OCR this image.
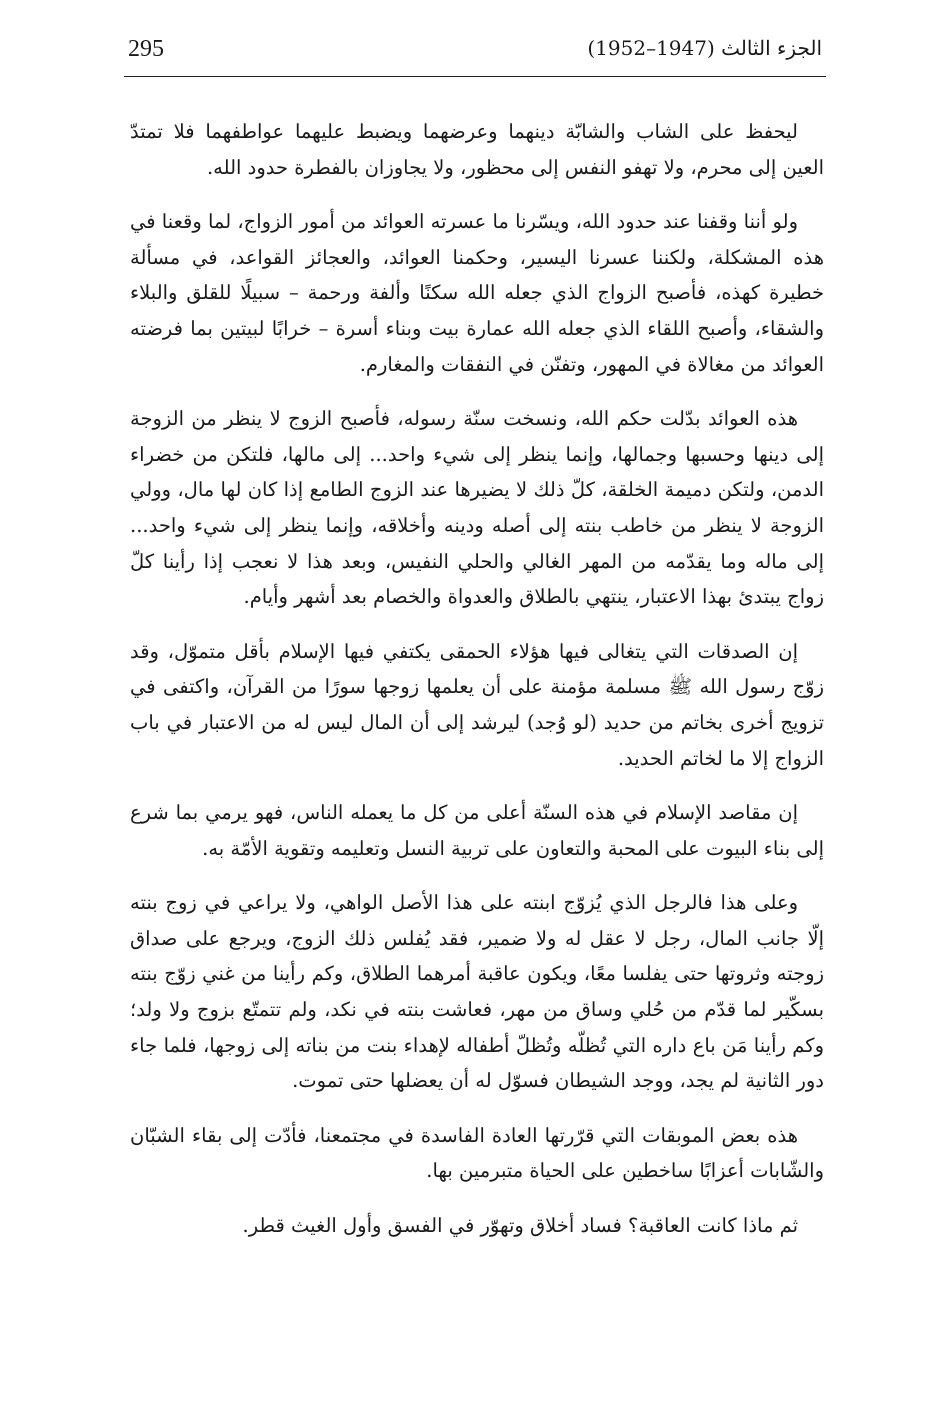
295	الجزء الثالث (1947–1952)

ليحفظ على الشاب والشابّة دينهما وعرضهما ويضبط عليهما عواطفهما فلا تمتدّ العين إلى محرم، ولا تهفو النفس إلى محظور، ولا يجاوزان بالفطرة حدود الله.

ولو أننا وقفنا عند حدود الله، ويسّرنا ما عسرته العوائد من أمور الزواج، لما وقعنا في هذه المشكلة، ولكننا عسرنا اليسير، وحكمنا العوائد، والعجائز القواعد، في مسألة خطيرة كهذه، فأصبح الزواج الذي جعله الله سكنًا وألفة ورحمة – سبيلًا للقلق والبلاء والشقاء، وأصبح اللقاء الذي جعله الله عمارة بيت وبناء أسرة – خرابًا لبيتين بما فرضته العوائد من مغالاة في المهور، وتفنّن في النفقات والمغارم.

هذه العوائد بدّلت حكم الله، ونسخت سنّة رسوله، فأصبح الزوج لا ينظر من الزوجة إلى دينها وحسبها وجمالها، وإنما ينظر إلى شيء واحد... إلى مالها، فلتكن من خضراء الدمن، ولتكن دميمة الخلقة، كلّ ذلك لا يضيرها عند الزوج الطامع إذا كان لها مال، وولي الزوجة لا ينظر من خاطب بنته إلى أصله ودينه وأخلاقه، وإنما ينظر إلى شيء واحد... إلى ماله وما يقدّمه من المهر الغالي والحلي النفيس، وبعد هذا لا نعجب إذا رأينا كلّ زواج يبتدئ بهذا الاعتبار، ينتهي بالطلاق والعدواة والخصام بعد أشهر وأيام.

إن الصدقات التي يتغالى فيها هؤلاء الحمقى يكتفي فيها الإسلام بأقل متموّل، وقد زوّج رسول الله ﷺ مسلمة مؤمنة على أن يعلمها زوجها سورًا من القرآن، واكتفى في تزويج أخرى بخاتم من حديد (لو وُجد) ليرشد إلى أن المال ليس له من الاعتبار في باب الزواج إلا ما لخاتم الحديد.

إن مقاصد الإسلام في هذه السنّة أعلى من كل ما يعمله الناس، فهو يرمي بما شرع إلى بناء البيوت على المحبة والتعاون على تربية النسل وتعليمه وتقوية الأمّة به.

وعلى هذا فالرجل الذي يُزوّج ابنته على هذا الأصل الواهي، ولا يراعي في زوج بنته إلّا جانب المال، رجل لا عقل له ولا ضمير، فقد يُفلس ذلك الزوج، ويرجع على صداق زوجته وثروتها حتى يفلسا معًا، ويكون عاقبة أمرهما الطلاق، وكم رأينا من غني زوّج بنته بسكّير لما قدّم من حُلي وساق من مهر، فعاشت بنته في نكد، ولم تتمتّع بزوج ولا ولد؛ وكم رأينا مَن باع داره التي تُظلّه وتُظلّ أطفاله لإهداء بنت من بناته إلى زوجها، فلما جاء دور الثانية لم يجد، ووجد الشيطان فسوّل له أن يعضلها حتى تموت.

هذه بعض الموبقات التي قرّرتها العادة الفاسدة في مجتمعنا، فأدّت إلى بقاء الشبّان والشّابات أعزابًا ساخطين على الحياة متبرمين بها.

ثم ماذا كانت العاقبة؟ فساد أخلاق وتهوّر في الفسق وأول الغيث قطر.
